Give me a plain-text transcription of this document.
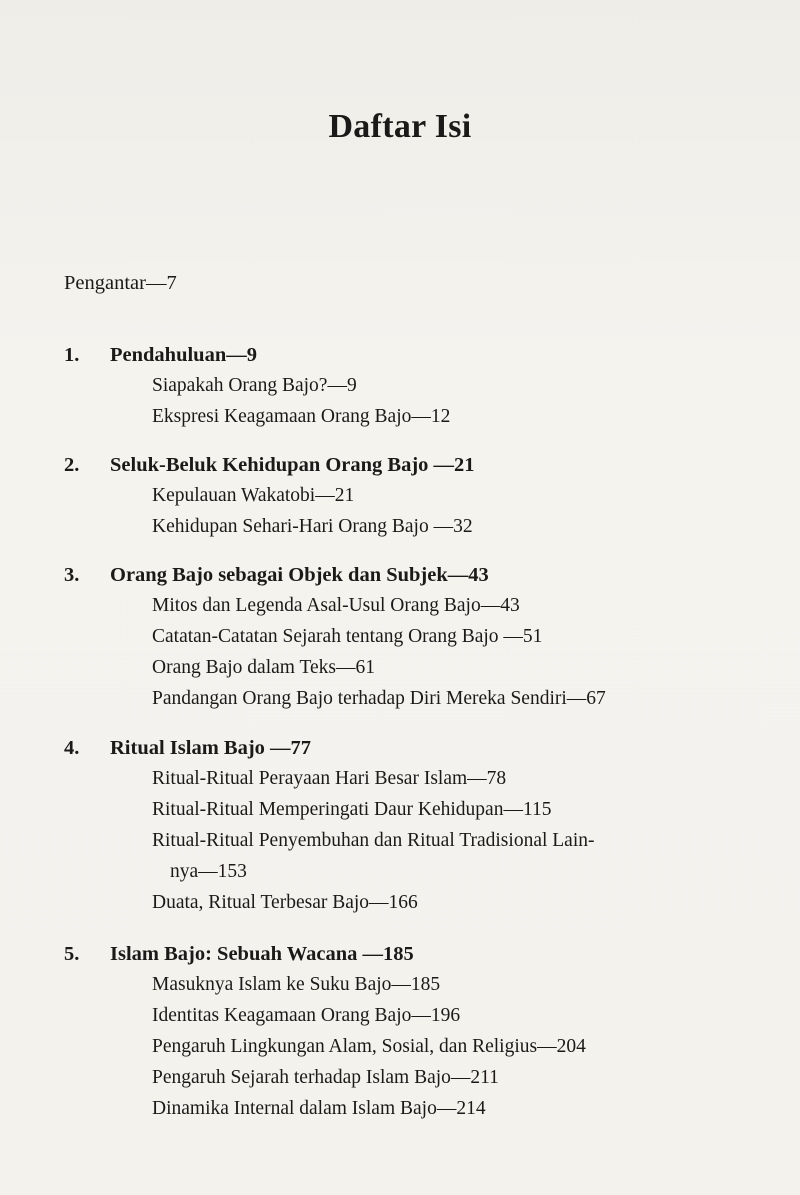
Daftar Isi
Pengantar—7
1.	Pendahuluan—9
Siapakah Orang Bajo?—9
Ekspresi Keagamaan Orang Bajo—12
2.	Seluk-Beluk Kehidupan Orang Bajo —21
Kepulauan Wakatobi—21
Kehidupan Sehari-Hari Orang Bajo —32
3.	Orang Bajo sebagai Objek dan Subjek—43
Mitos dan Legenda Asal-Usul Orang Bajo—43
Catatan-Catatan Sejarah tentang Orang Bajo —51
Orang Bajo dalam Teks—61
Pandangan Orang Bajo terhadap Diri Mereka Sendiri—67
4.	Ritual Islam Bajo —77
Ritual-Ritual Perayaan Hari Besar Islam—78
Ritual-Ritual Memperingati Daur Kehidupan—115
Ritual-Ritual Penyembuhan dan Ritual Tradisional Lain-
nya—153
Duata, Ritual Terbesar Bajo—166
5.	Islam Bajo: Sebuah Wacana —185
Masuknya Islam ke Suku Bajo—185
Identitas Keagamaan Orang Bajo—196
Pengaruh Lingkungan Alam, Sosial, dan Religius—204
Pengaruh Sejarah terhadap Islam Bajo—211
Dinamika Internal dalam Islam Bajo—214
